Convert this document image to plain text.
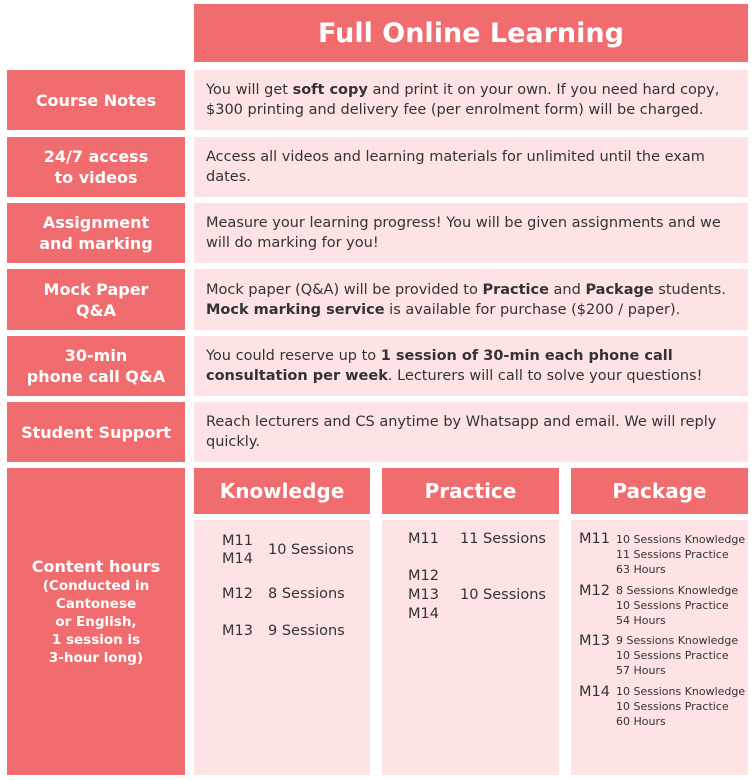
Full Online Learning
Course Notes

You will get soft copy and print it on your own. If you need hard copy, $300 printing and delivery fee (per enrolment form) will be charged.

24/7 access
to videos

Access all videos and learning materials for unlimited until the exam dates.

Assignment
and marking

Measure your learning progress! You will be given assignments and we will do marking for you!

Mock Paper
Q&A

Mock paper (Q&A) will be provided to Practice and Package students. Mock marking service is available for purchase ($200 / paper).

30-min
phone call Q&A

You could reserve up to 1 session of 30-min each phone call consultation per week. Lecturers will call to solve your questions!

Student Support

Reach lecturers and CS anytime by Whatsapp and email. We will reply quickly.

Content hours
(Conducted in
Cantonese
or English,
1 session is
3-hour long)
Knowledge
M11
M14
10 Sessions
M12 8 Sessions
M13 9 Sessions
Practice
M11 11 Sessions
M12
M13
M14
10 Sessions
Package
M11 10 Sessions Knowledge
11 Sessions Practice
63 Hours
M12 8 Sessions Knowledge
10 Sessions Practice
54 Hours
M13 9 Sessions Knowledge
10 Sessions Practice
57 Hours
M14 10 Sessions Knowledge
10 Sessions Practice
60 Hours
